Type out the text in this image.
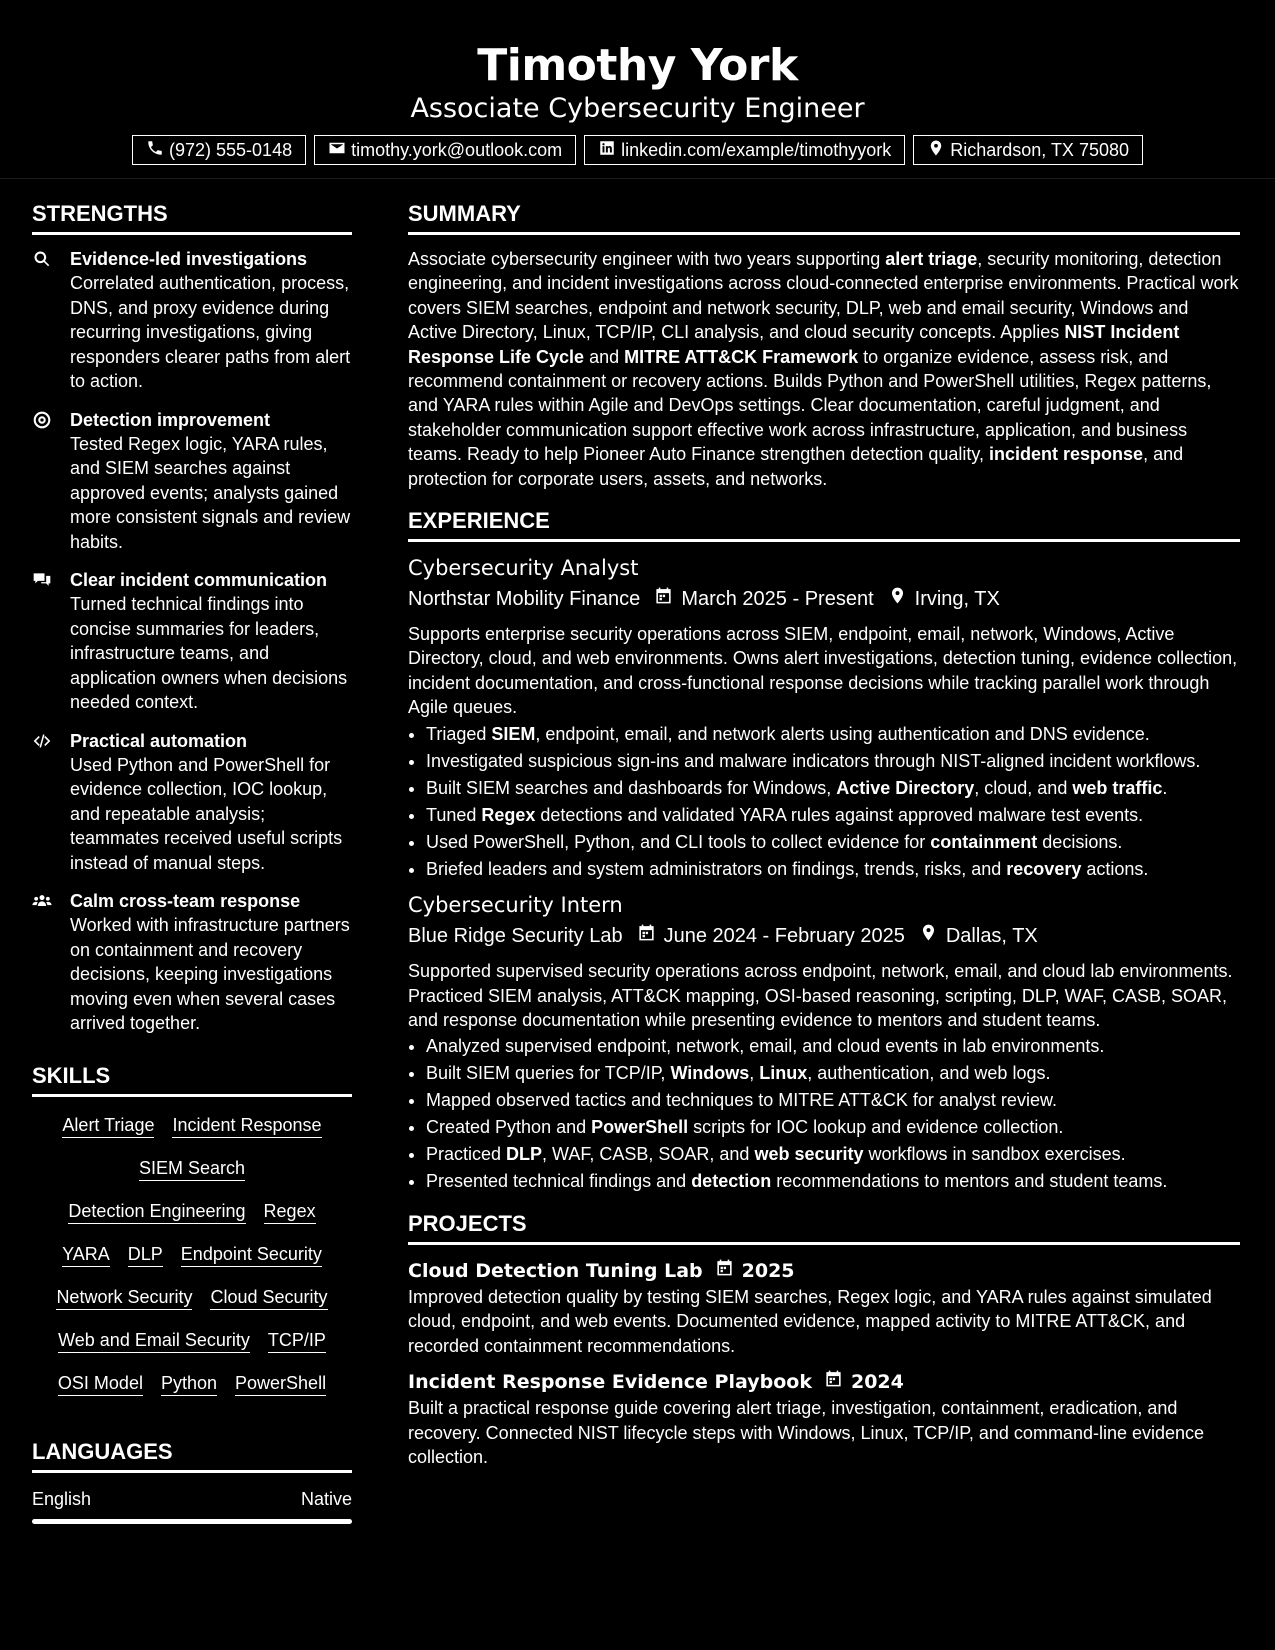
Timothy York
Associate Cybersecurity Engineer
(972) 555-0148	timothy.york@outlook.com	linkedin.com/example/timothyyork	Richardson, TX 75080
STRENGTHS
Evidence-led investigations
Correlated authentication, process, DNS, and proxy evidence during recurring investigations, giving responders clearer paths from alert to action.
Detection improvement
Tested Regex logic, YARA rules, and SIEM searches against approved events; analysts gained more consistent signals and review habits.
Clear incident communication
Turned technical findings into concise summaries for leaders, infrastructure teams, and application owners when decisions needed context.
Practical automation
Used Python and PowerShell for evidence collection, IOC lookup, and repeatable analysis; teammates received useful scripts instead of manual steps.
Calm cross-team response
Worked with infrastructure partners on containment and recovery decisions, keeping investigations moving even when several cases arrived together.
SKILLS
Alert Triage Incident Response
SIEM Search
Detection Engineering Regex
YARA DLP Endpoint Security
Network Security Cloud Security
Web and Email Security TCP/IP
OSI Model Python PowerShell
LANGUAGES
English	Native
SUMMARY
Associate cybersecurity engineer with two years supporting alert triage, security monitoring, detection engineering, and incident investigations across cloud-connected enterprise environments. Practical work covers SIEM searches, endpoint and network security, DLP, web and email security, Windows and Active Directory, Linux, TCP/IP, CLI analysis, and cloud security concepts. Applies NIST Incident Response Life Cycle and MITRE ATT&CK Framework to organize evidence, assess risk, and recommend containment or recovery actions. Builds Python and PowerShell utilities, Regex patterns, and YARA rules within Agile and DevOps settings. Clear documentation, careful judgment, and stakeholder communication support effective work across infrastructure, application, and business teams. Ready to help Pioneer Auto Finance strengthen detection quality, incident response, and protection for corporate users, assets, and networks.
EXPERIENCE
Cybersecurity Analyst
Northstar Mobility Finance March 2025 - Present Irving, TX
Supports enterprise security operations across SIEM, endpoint, email, network, Windows, Active Directory, cloud, and web environments. Owns alert investigations, detection tuning, evidence collection, incident documentation, and cross-functional response decisions while tracking parallel work through Agile queues.
• Triaged SIEM, endpoint, email, and network alerts using authentication and DNS evidence.
• Investigated suspicious sign-ins and malware indicators through NIST-aligned incident workflows.
• Built SIEM searches and dashboards for Windows, Active Directory, cloud, and web traffic.
• Tuned Regex detections and validated YARA rules against approved malware test events.
• Used PowerShell, Python, and CLI tools to collect evidence for containment decisions.
• Briefed leaders and system administrators on findings, trends, risks, and recovery actions.
Cybersecurity Intern
Blue Ridge Security Lab June 2024 - February 2025 Dallas, TX
Supported supervised security operations across endpoint, network, email, and cloud lab environments. Practiced SIEM analysis, ATT&CK mapping, OSI-based reasoning, scripting, DLP, WAF, CASB, SOAR, and response documentation while presenting evidence to mentors and student teams.
• Analyzed supervised endpoint, network, email, and cloud events in lab environments.
• Built SIEM queries for TCP/IP, Windows, Linux, authentication, and web logs.
• Mapped observed tactics and techniques to MITRE ATT&CK for analyst review.
• Created Python and PowerShell scripts for IOC lookup and evidence collection.
• Practiced DLP, WAF, CASB, SOAR, and web security workflows in sandbox exercises.
• Presented technical findings and detection recommendations to mentors and student teams.
PROJECTS
Cloud Detection Tuning Lab 2025
Improved detection quality by testing SIEM searches, Regex logic, and YARA rules against simulated cloud, endpoint, and web events. Documented evidence, mapped activity to MITRE ATT&CK, and recorded containment recommendations.
Incident Response Evidence Playbook 2024
Built a practical response guide covering alert triage, investigation, containment, eradication, and recovery. Connected NIST lifecycle steps with Windows, Linux, TCP/IP, and command-line evidence collection.
